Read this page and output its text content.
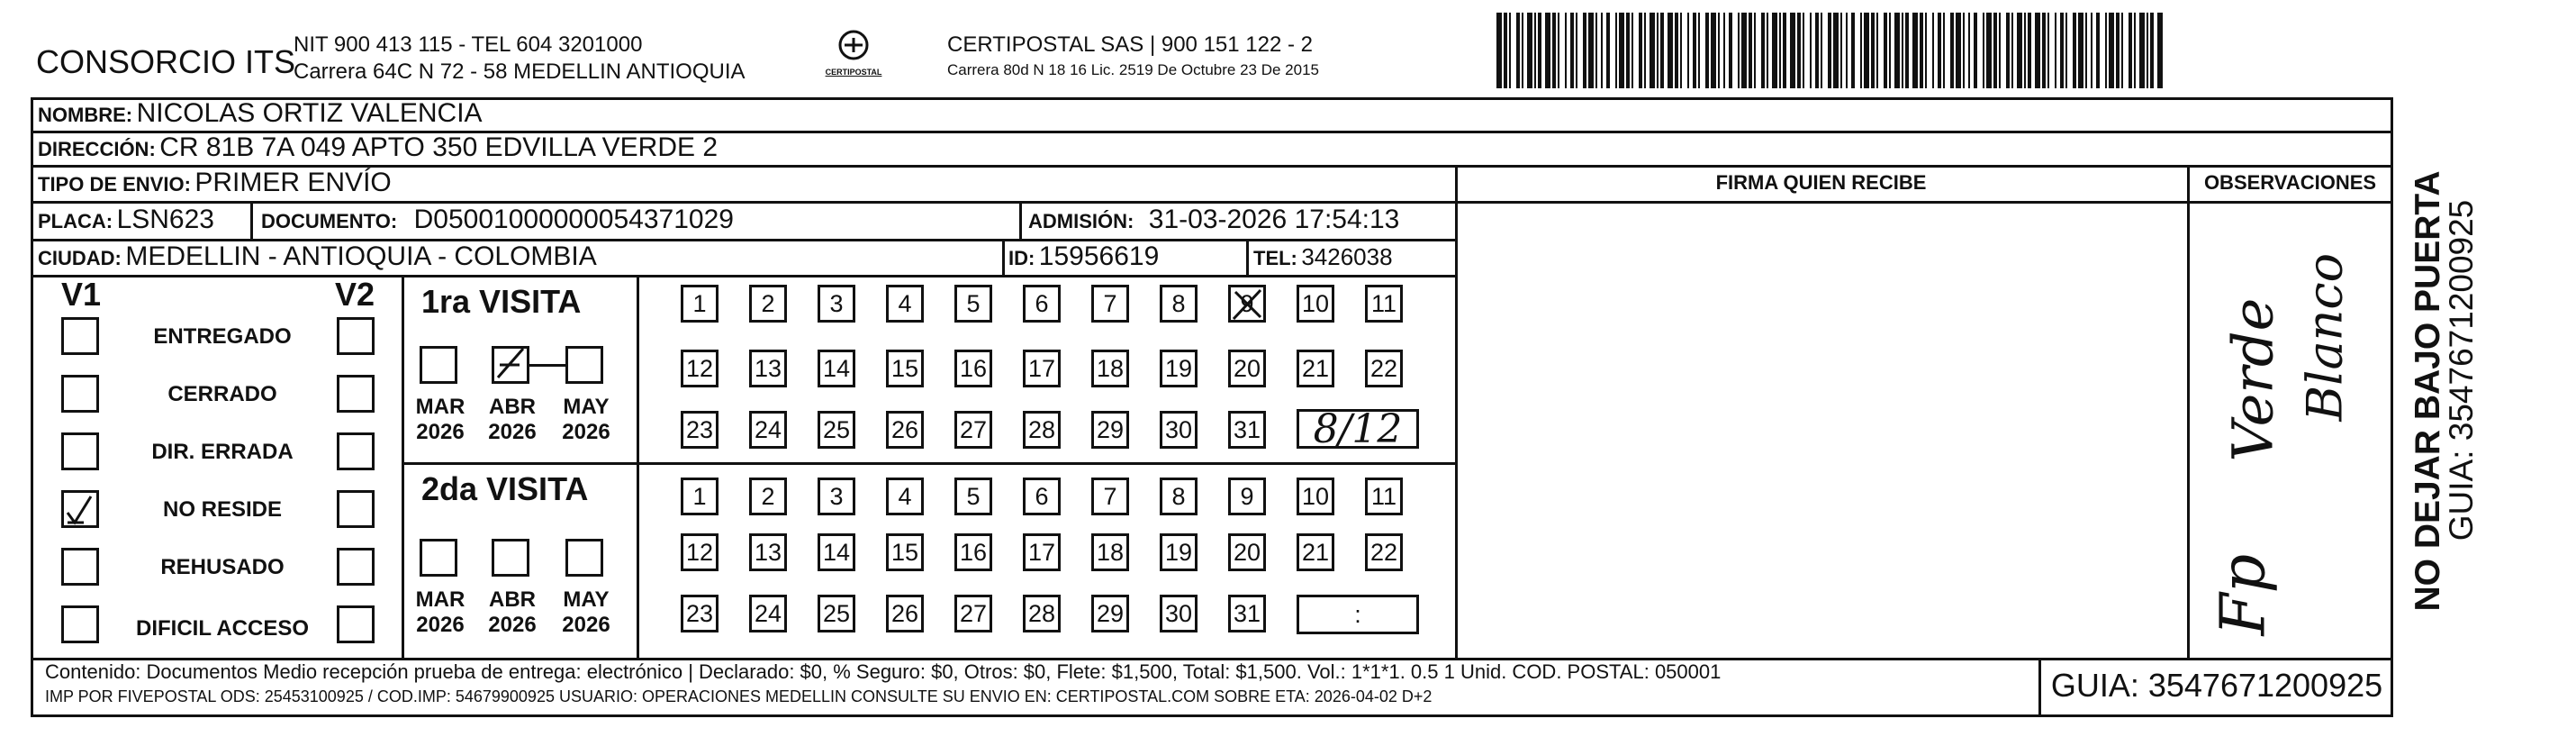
CONSORCIO ITS
NIT 900 413 115 - TEL 604 3201000
Carrera 64C N 72 - 58 MEDELLIN ANTIOQUIA	CERTIPOSTAL
CERTIPOSTAL SAS | 900 151 122 - 2
Carrera 80d N 18 16 Lic. 2519 De Octubre 23 De 2015
NOMBRE: NICOLAS ORTIZ VALENCIA
DIRECCIÓN: CR 81B 7A 049 APTO 350 EDVILLA VERDE 2
TIPO DE ENVIO: PRIMER ENVÍO
PLACA: LSN623 DOCUMENTO: D05001000000054371029	ADMISIÓN: 31-03-2026 17:54:13
CIUDAD: MEDELLIN - ANTIOQUIA - COLOMBIA	ID: 15956619	TEL: 3426038
FIRMA QUIEN RECIBE	OBSERVACIONES
V1	V2
ENTREGADO
CERRADO
DIR. ERRADA
NO RESIDE
REHUSADO
DIFICIL ACCESO
1ra VISITA
MAR
2026
ABR
2026
MAY
2026
1	2	3	4	5	6	7	8	9 10 11
12 13 14 15 16 17 18 19 20 21 22
23 24 25 26 27 28 29 30 31 8/12
2da VISITA
MAR
2026
ABR
2026
MAY
2026
1	2	3	4	5	6	7	8	9	10 11
12 13 14 15 16 17 18 19 20 21 22
23 24 25 26 27 28 29 30 31	:
Verde Blanco
Fp	NO DEJAR BAJO PUERTA
GUIA: 3547671200925
Contenido: Documentos Medio recepción prueba de entrega: electrónico | Declarado: $0, % Seguro: $0, Otros: $0, Flete: $1,500, Total: $1,500. Vol.: 1*1*1. 0.5 1 Unid. COD. POSTAL: 050001
IMP POR FIVEPOSTAL ODS: 25453100925 / COD.IMP: 54679900925 USUARIO: OPERACIONES MEDELLIN CONSULTE SU ENVIO EN: CERTIPOSTAL.COM SOBRE ETA: 2026-04-02 D+2	GUIA: 3547671200925
